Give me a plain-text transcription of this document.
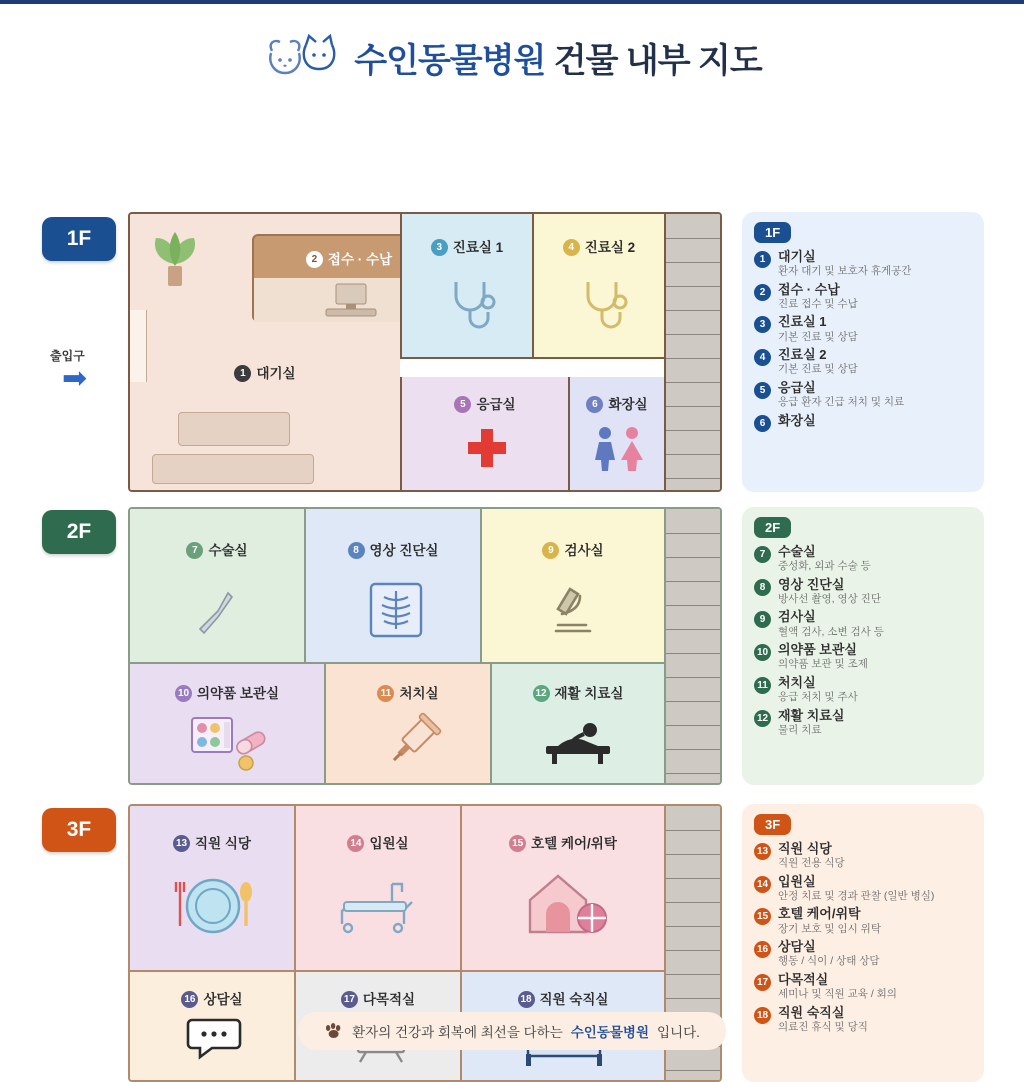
수인동물병원 건물 내부 지도
1F
출입구
➡	1 대기실
2 접수 · 수납
3 진료실 1	4 진료실 2
5 응급실	6 화장실
1F
1 대기실
환자 대기 및 보호자 휴게공간
2 접수 · 수납
진료 접수 및 수납
3 진료실 1
기본 진료 및 상담
4 진료실 2
기본 진료 및 상담
5 응급실
응급 환자 긴급 처치 및 치료
6 화장실
2F
7 수술실	8 영상 진단실	9 검사실
10 의약품 보관실	11 처치실	12 재활 치료실
2F
7 수술실
중성화, 외과 수술 등
8 영상 진단실
방사선 촬영, 영상 진단
9 검사실
혈액 검사, 소변 검사 등
10 의약품 보관실
의약품 보관 및 조제
11 처치실
응급 처치 및 주사
12 재활 치료실
물리 치료
3F
13 직원 식당	14 입원실	15 호텔 케어/위탁
16 상담실	17 다목적실	18 직원 숙직실
3F
13 직원 식당
직원 전용 식당
14 입원실
안정 치료 및 경과 관찰 (일반 병실)
15 호텔 케어/위탁
장기 보호 및 임시 위탁
16 상담실
행동 / 식이 / 상태 상담
17 다목적실
세미나 및 직원 교육 / 회의
18 직원 숙직실
의료진 휴식 및 당직
환자의 건강과 회복에 최선을 다하는 수인동물병원 입니다.
